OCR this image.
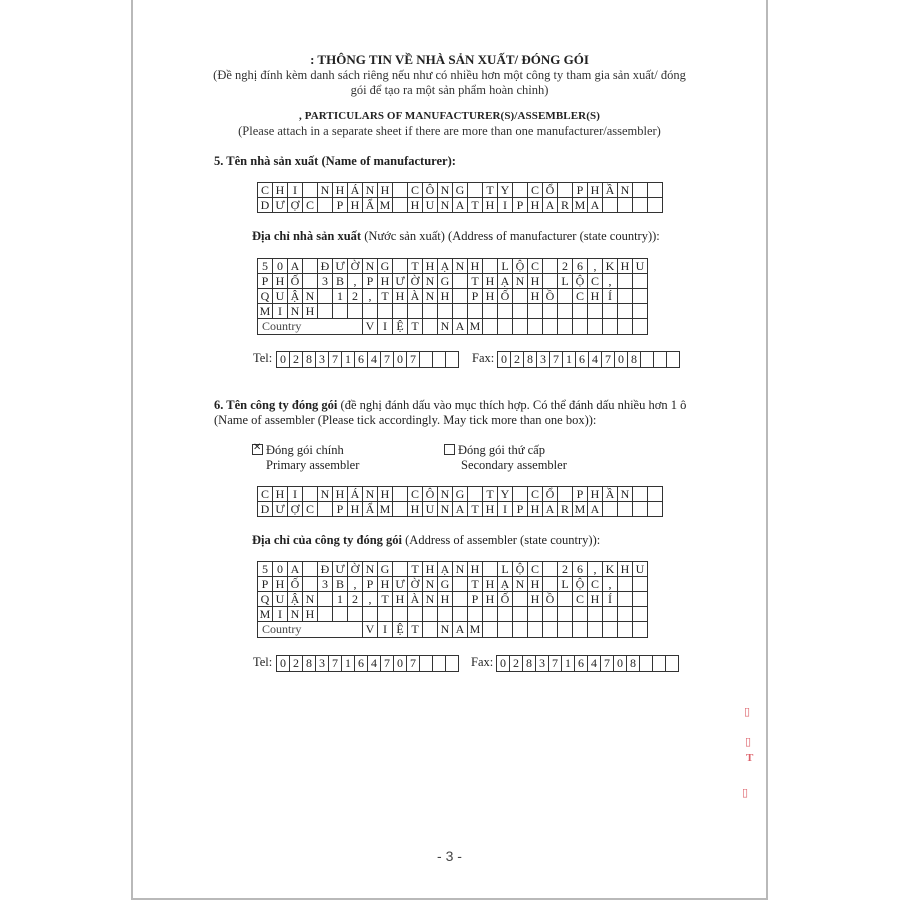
: THÔNG TIN VỀ NHÀ SẢN XUẤT/ ĐÓNG GÓI
(Đề nghị đính kèm danh sách riêng nếu như có nhiều hơn một công ty tham gia sản xuất/ đóng
gói để tạo ra một sản phẩm hoàn chỉnh)
, PARTICULARS OF MANUFACTURER(S)/ASSEMBLER(S)
(Please attach in a separate sheet if there are more than one manufacturer/assembler)
5. Tên nhà sản xuất (Name of manufacturer):
C	H	I		N	H	Á	N	H		C	Ô	N	G		T	Y		C	Ổ		P	H	Ầ	N		
D	Ư	Ợ	C		P	H	Ẩ	M		H	U	N	A	T	H	I	P	H	A	R	M	A				
Địa chỉ nhà sản xuất (Nước sản xuất) (Address of manufacturer (state country)):
5	0	A		Đ	Ư	Ờ	N	G		T	H	Ạ	N	H		L	Ộ	C		2	6	,	K	H	U
P	H	Ố		3	B	,	P	H	Ư	Ờ	N	G		T	H	Ạ	N	H		L	Ộ	C	,		
Q	U	Ậ	N		1	2	,	T	H	À	N	H		P	H	Ố		H	Ồ		C	H	Í		
M	I	N	H																						
Country							V	I	Ệ	T		N	A	M											
Tel: 0	2	8	3	7	1	6	4	7	0	7				Fax: 0	2	8	3	7	1	6	4	7	0	8			
6. Tên công ty đóng gói (đề nghị đánh dấu vào mục thích hợp. Có thể đánh dấu nhiều hơn 1 ô
(Name of assembler (Please tick accordingly. May tick more than one box)):
✕Đóng gói chính
Primary assembler
Đóng gói thứ cấp
Secondary assembler
C	H	I		N	H	Á	N	H		C	Ô	N	G		T	Y		C	Ổ		P	H	Ầ	N		
D	Ư	Ợ	C		P	H	Ẩ	M		H	U	N	A	T	H	I	P	H	A	R	M	A				
Địa chỉ của công ty đóng gói (Address of assembler (state country)):
5	0	A		Đ	Ư	Ờ	N	G		T	H	Ạ	N	H		L	Ộ	C		2	6	,	K	H	U
P	H	Ố		3	B	,	P	H	Ư	Ờ	N	G		T	H	Ạ	N	H		L	Ộ	C	,		
Q	U	Ậ	N		1	2	,	T	H	À	N	H		P	H	Ố		H	Ồ		C	H	Í		
M	I	N	H																						
Country							V	I	Ệ	T		N	A	M											
Tel: 0	2	8	3	7	1	6	4	7	0	7				Fax: 0	2	8	3	7	1	6	4	7	0	8			
▯
▯
T
▯
- 3 -
